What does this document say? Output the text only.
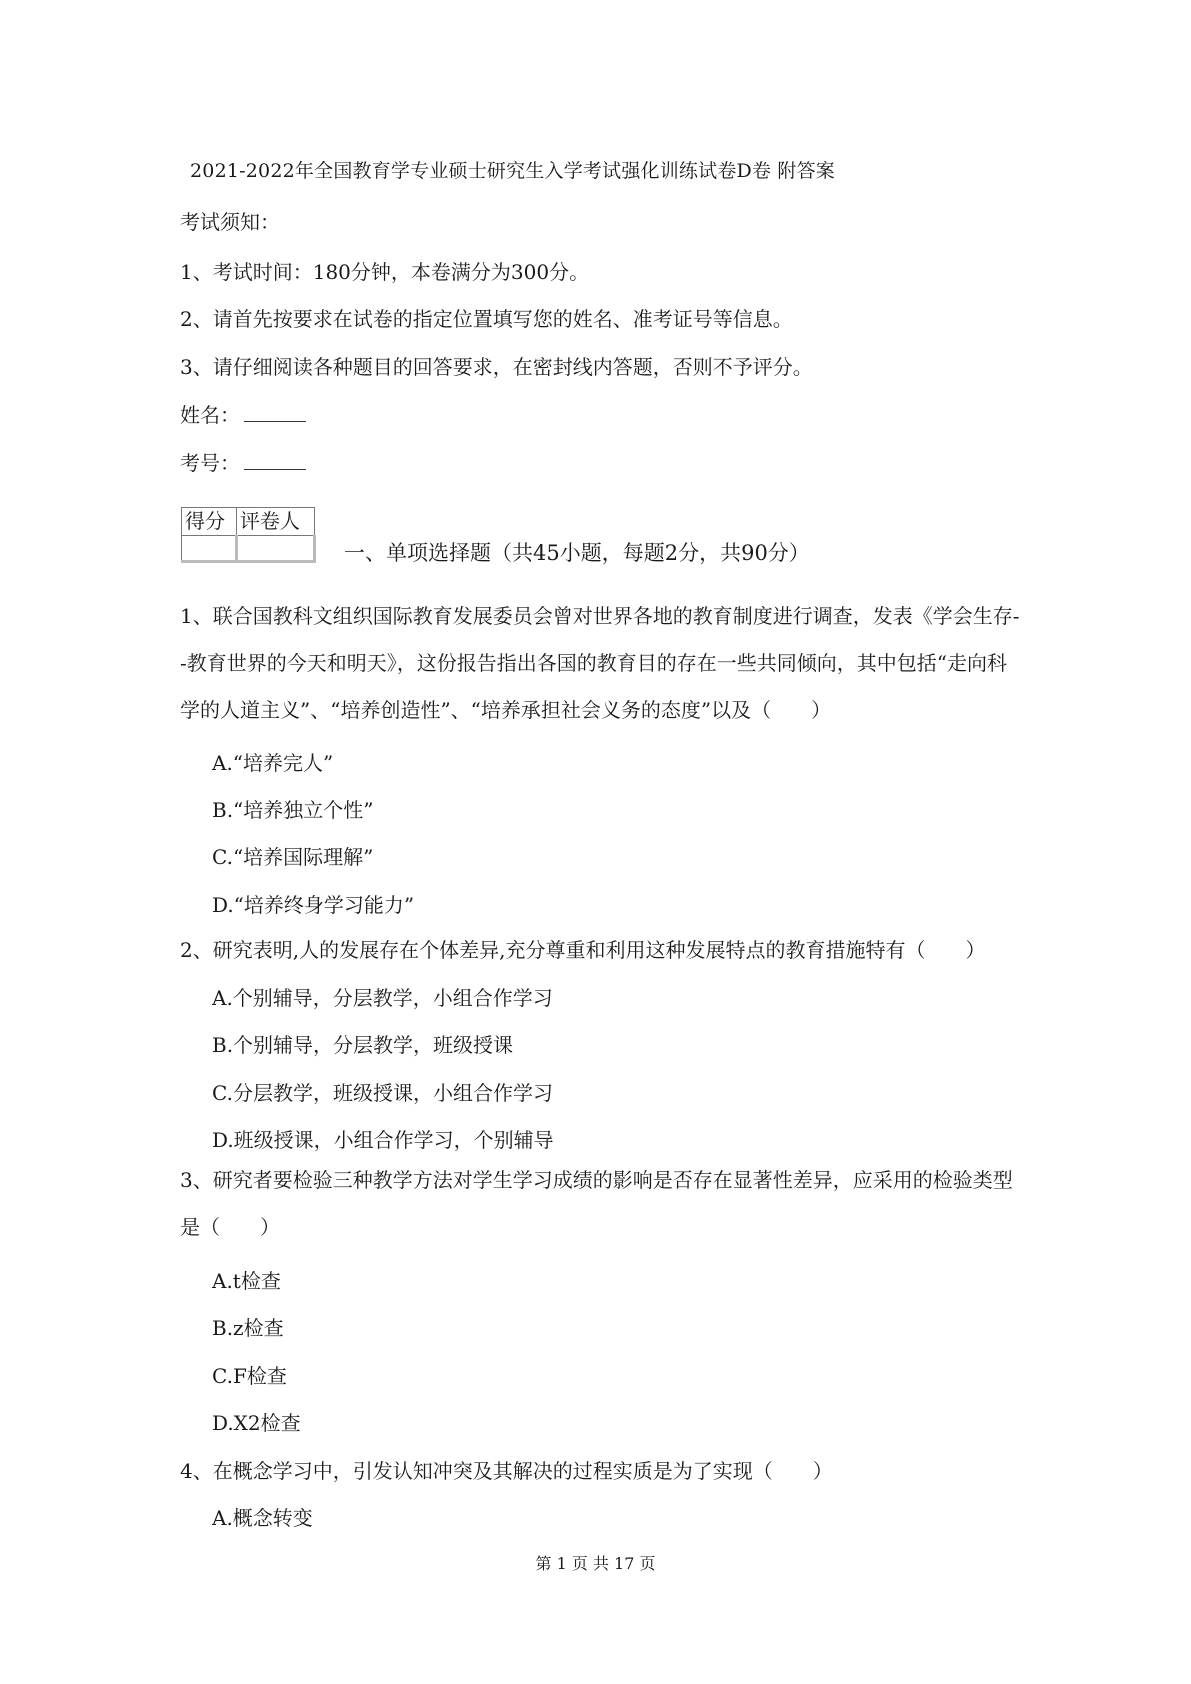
2021-2022年全国教育学专业硕士研究生入学考试强化训练试卷D卷 附答案
考试须知：
1、考试时间：180分钟，本卷满分为300分。
2、请首先按要求在试卷的指定位置填写您的姓名、准考证号等信息。
3、请仔细阅读各种题目的回答要求，在密封线内答题，否则不予评分。
姓名：
考号：
得分	评卷人

一、单项选择题（共45小题，每题2分，共90分）
1、联合国教科文组织国际教育发展委员会曾对世界各地的教育制度进行调查，发表《学会生存--教育世界的今天和明天》，这份报告指出各国的教育目的存在一些共同倾向，其中包括“走向科学的人道主义”、“培养创造性”、“培养承担社会义务的态度”以及（　　）
A.“培养完人”
B.“培养独立个性”
C.“培养国际理解”
D.“培养终身学习能力”
2、研究表明,人的发展存在个体差异,充分尊重和利用这种发展特点的教育措施特有（　　）
A.个别辅导，分层教学，小组合作学习
B.个别辅导，分层教学，班级授课
C.分层教学，班级授课，小组合作学习
D.班级授课，小组合作学习，个别辅导
3、研究者要检验三种教学方法对学生学习成绩的影响是否存在显著性差异，应采用的检验类型是（　　）
A.t检查
B.z检查
C.F检查
D.X2检查
4、在概念学习中，引发认知冲突及其解决的过程实质是为了实现（　　）
A.概念转变
第 1 页 共 17 页
